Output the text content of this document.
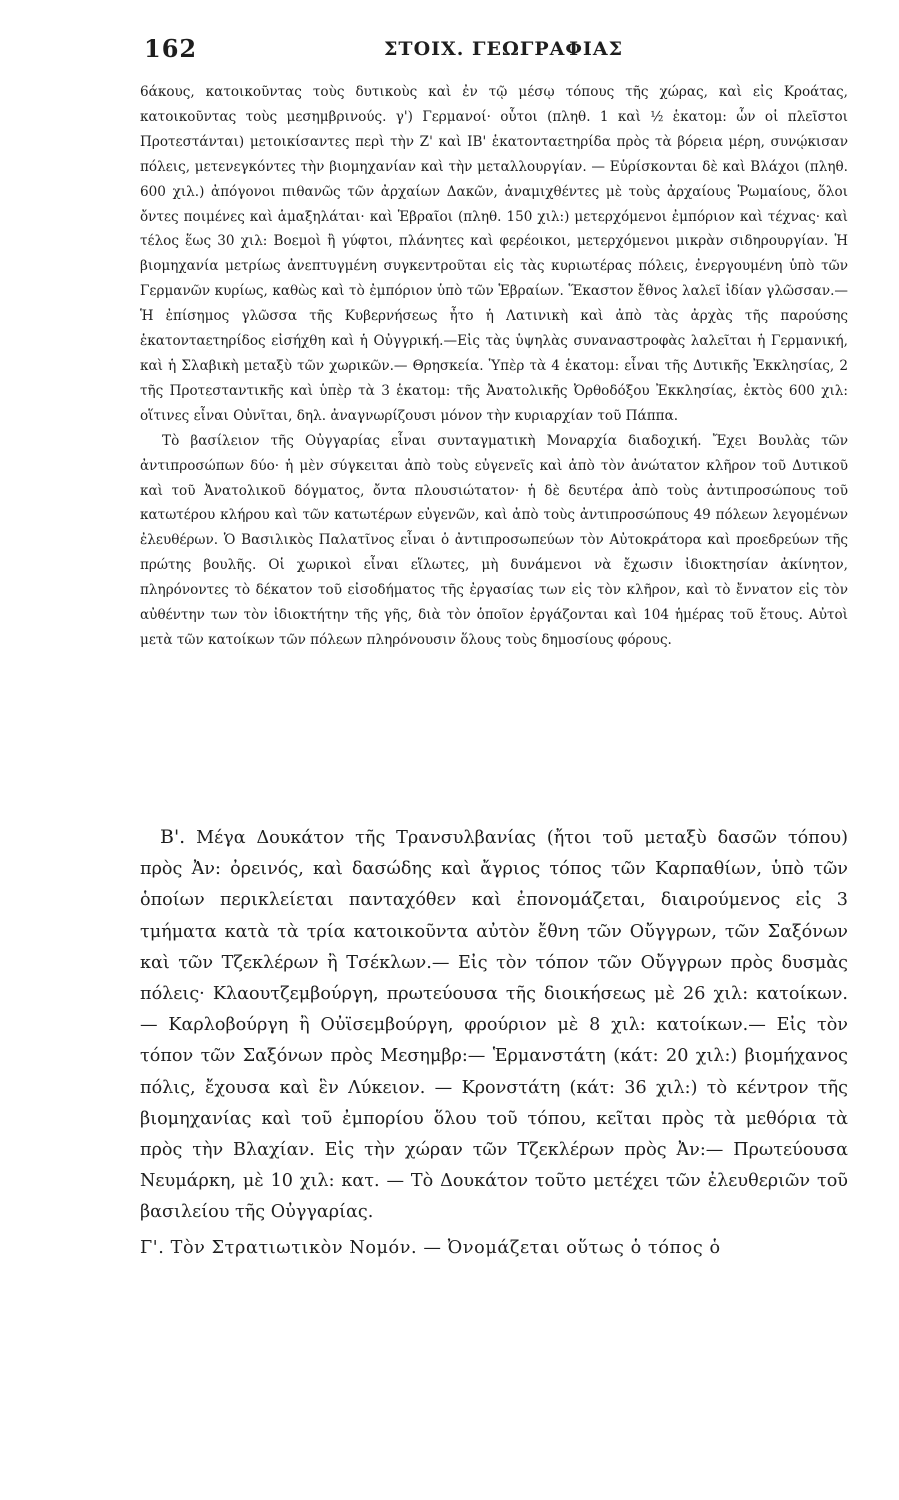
162	ΣΤΟΙΧ. ΓΕΩΓΡΑΦΙΑΣ

6άκους, κατοικοῦντας τοὺς δυτικοὺς καὶ ἐν τῷ μέσῳ τόπους τῆς χώρας, καὶ εἰς Κροάτας, κατοικοῦντας τοὺς μεσημβρινούς. γ') Γερμανοί· οὗτοι (πληθ. 1 καὶ ½ ἑκατομ: ὧν οἱ πλεῖστοι Προτεστάνται) μετοικίσαντες περὶ τὴν Ζ' καὶ ΙΒ' ἑκατονταετηρίδα πρὸς τὰ βόρεια μέρη, συνῴκισαν πόλεις, μετενεγκόντες τὴν βιομηχανίαν καὶ τὴν μεταλλουργίαν. — Εὑρίσκονται δὲ καὶ Βλάχοι (πληθ. 600 χιλ.) ἀπόγονοι πιθανῶς τῶν ἀρχαίων Δακῶν, ἀναμιχθέντες μὲ τοὺς ἀρχαίους Ῥωμαίους, ὅλοι ὄντες ποιμένες καὶ ἁμαξηλάται· καὶ Ἑβραῖοι (πληθ. 150 χιλ:) μετερχόμενοι ἐμπόριον καὶ τέχνας· καὶ τέλος ἕως 30 χιλ: Βοεμοὶ ἢ γύφτοι, πλάνητες καὶ φερέοικοι, μετερχόμενοι μικρὰν σιδηρουργίαν. Ἡ βιομηχανία μετρίως ἀνεπτυγμένη συγκεντροῦται εἰς τὰς κυριωτέρας πόλεις, ἐνεργουμένη ὑπὸ τῶν Γερμανῶν κυρίως, καθὼς καὶ τὸ ἐμπόριον ὑπὸ τῶν Ἑβραίων. Ἕκαστον ἔθνος λαλεῖ ἰδίαν γλῶσσαν.— Ἡ ἐπίσημος γλῶσσα τῆς Κυβερνήσεως ἦτο ἡ Λατινικὴ καὶ ἀπὸ τὰς ἀρχὰς τῆς παρούσης ἑκατονταετηρίδος εἰσήχθη καὶ ἡ Οὐγγρική.—Εἰς τὰς ὑψηλὰς συναναστροφὰς λαλεῖται ἡ Γερμανική, καὶ ἡ Σλαβικὴ μεταξὺ τῶν χωρικῶν.— Θρησκεία. Ὑπὲρ τὰ 4 ἑκατομ: εἶναι τῆς Δυτικῆς Ἐκκλησίας, 2 τῆς Προτεσταντικῆς καὶ ὑπὲρ τὰ 3 ἑκατομ: τῆς Ἀνατολικῆς Ὀρθοδόξου Ἐκκλησίας, ἐκτὸς 600 χιλ: οἵτινες εἶναι Οὐνῖται, δηλ. ἀναγνωρίζουσι μόνον τὴν κυριαρχίαν τοῦ Πάππα.

Τὸ βασίλειον τῆς Οὐγγαρίας εἶναι συνταγματικὴ Μοναρχία διαδοχική. Ἔχει Βουλὰς τῶν ἀντιπροσώπων δύο· ἡ μὲν σύγκειται ἀπὸ τοὺς εὐγενεῖς καὶ ἀπὸ τὸν ἀνώτατον κλῆρον τοῦ Δυτικοῦ καὶ τοῦ Ἀνατολικοῦ δόγματος, ὄντα πλουσιώτατον· ἡ δὲ δευτέρα ἀπὸ τοὺς ἀντιπροσώπους τοῦ κατωτέρου κλήρου καὶ τῶν κατωτέρων εὐγενῶν, καὶ ἀπὸ τοὺς ἀντιπροσώπους 49 πόλεων λεγομένων ἐλευθέρων. Ὁ Βασιλικὸς Παλατῖνος εἶναι ὁ ἀντιπροσωπεύων τὸν Αὐτοκράτορα καὶ προεδρεύων τῆς πρώτης βουλῆς. Οἱ χωρικοὶ εἶναι εἵλωτες, μὴ δυνάμενοι νὰ ἔχωσιν ἰδιοκτησίαν ἀκίνητον, πληρόνοντες τὸ δέκατον τοῦ εἰσοδήματος τῆς ἐργασίας των εἰς τὸν κλῆρον, καὶ τὸ ἔννατον εἰς τὸν αὐθέντην των τὸν ἰδιοκτήτην τῆς γῆς, διὰ τὸν ὁποῖον ἐργάζονται καὶ 104 ἡμέρας τοῦ ἔτους. Αὐτοὶ μετὰ τῶν κατοίκων τῶν πόλεων πληρόνουσιν ὅλους τοὺς δημοσίους φόρους.

Β'. Μέγα Δουκάτον τῆς Τρανσυλβανίας (ἤτοι τοῦ μεταξὺ δασῶν τόπου) πρὸς Ἀν: ὀρεινός, καὶ δασώδης καὶ ἄγριος τόπος τῶν Καρπαθίων, ὑπὸ τῶν ὁποίων περικλείεται πανταχόθεν καὶ ἐπονομάζεται, διαιρούμενος εἰς 3 τμήματα κατὰ τὰ τρία κατοικοῦντα αὐτὸν ἔθνη τῶν Οὔγγρων, τῶν Σαξόνων καὶ τῶν Τζεκλέρων ἢ Τσέκλων.— Εἰς τὸν τόπον τῶν Οὔγγρων πρὸς δυσμὰς πόλεις· Κλαουτζεμβούργη, πρωτεύουσα τῆς διοικήσεως μὲ 26 χιλ: κατοίκων. — Καρλοβούργη ἢ Οὐϊσεμβούργη, φρούριον μὲ 8 χιλ: κατοίκων.— Εἰς τὸν τόπον τῶν Σαξόνων πρὸς Μεσημβρ:— Ἑρμανστάτη (κάτ: 20 χιλ:) βιομήχανος πόλις, ἔχουσα καὶ ἓν Λύκειον. — Κρονστάτη (κάτ: 36 χιλ:) τὸ κέντρον τῆς βιομηχανίας καὶ τοῦ ἐμπορίου ὅλου τοῦ τόπου, κεῖται πρὸς τὰ μεθόρια τὰ πρὸς τὴν Βλαχίαν. Εἰς τὴν χώραν τῶν Τζεκλέρων πρὸς Ἀν:— Πρωτεύουσα Νευμάρκη, μὲ 10 χιλ: κατ. — Τὸ Δουκάτον τοῦτο μετέχει τῶν ἐλευθεριῶν τοῦ βασιλείου τῆς Οὐγγαρίας.

Γ'. Τὸν Στρατιωτικὸν Νομόν. — Ὀνομάζεται οὕτως ὁ τόπος ὁ
